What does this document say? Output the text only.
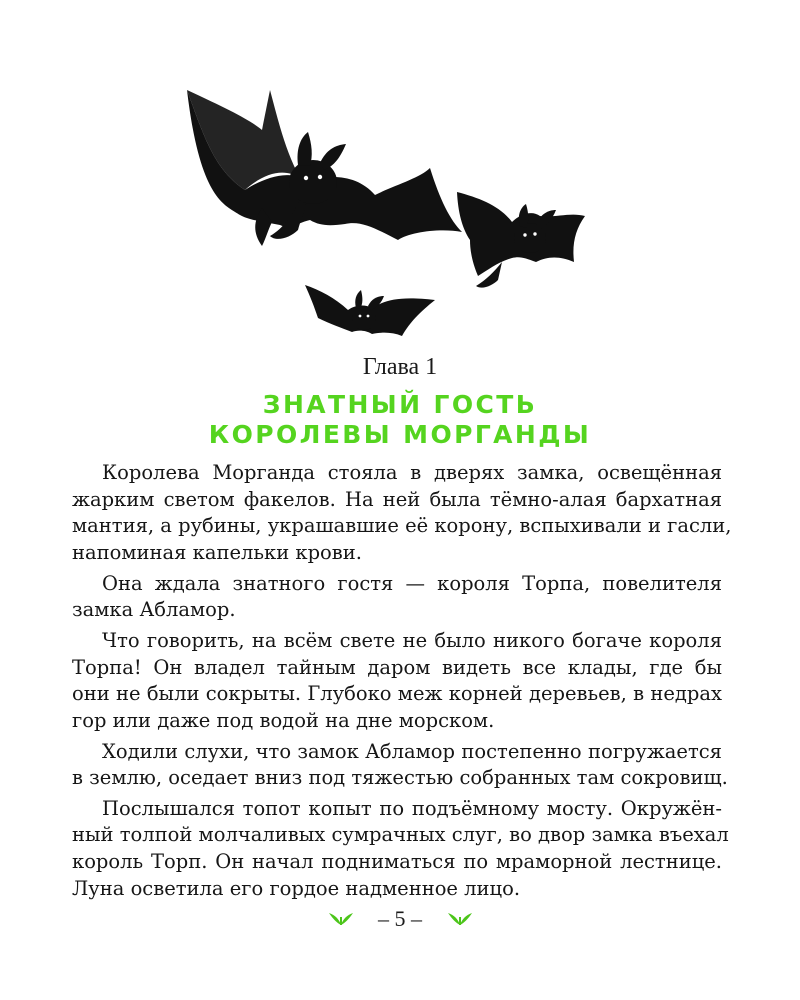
Глава 1
ЗНАТНЫЙ ГОСТЬ
КОРОЛЕВЫ МОРГАНДЫ
Королева Морганда стояла в дверях замка, освещённая
жарким светом факелов. На ней была тёмно-алая бархатная
мантия, а рубины, украшавшие её корону, вспыхивали и гасли,
напоминая капельки крови.
Она ждала знатного гостя — короля Торпа, повелителя
замка Абламор.
Что говорить, на всём свете не было никого богаче короля
Торпа! Он владел тайным даром видеть все клады, где бы
они не были сокрыты. Глубоко меж корней деревьев, в недрах
гор или даже под водой на дне морском.
Ходили слухи, что замок Абламор постепенно погружается
в землю, оседает вниз под тяжестью собранных там сокровищ.
Послышался топот копыт по подъёмному мосту. Окружён-
ный толпой молчаливых сумрачных слуг, во двор замка въехал
король Торп. Он начал подниматься по мраморной лестнице.
Луна осветила его гордое надменное лицо.
– 5 –
